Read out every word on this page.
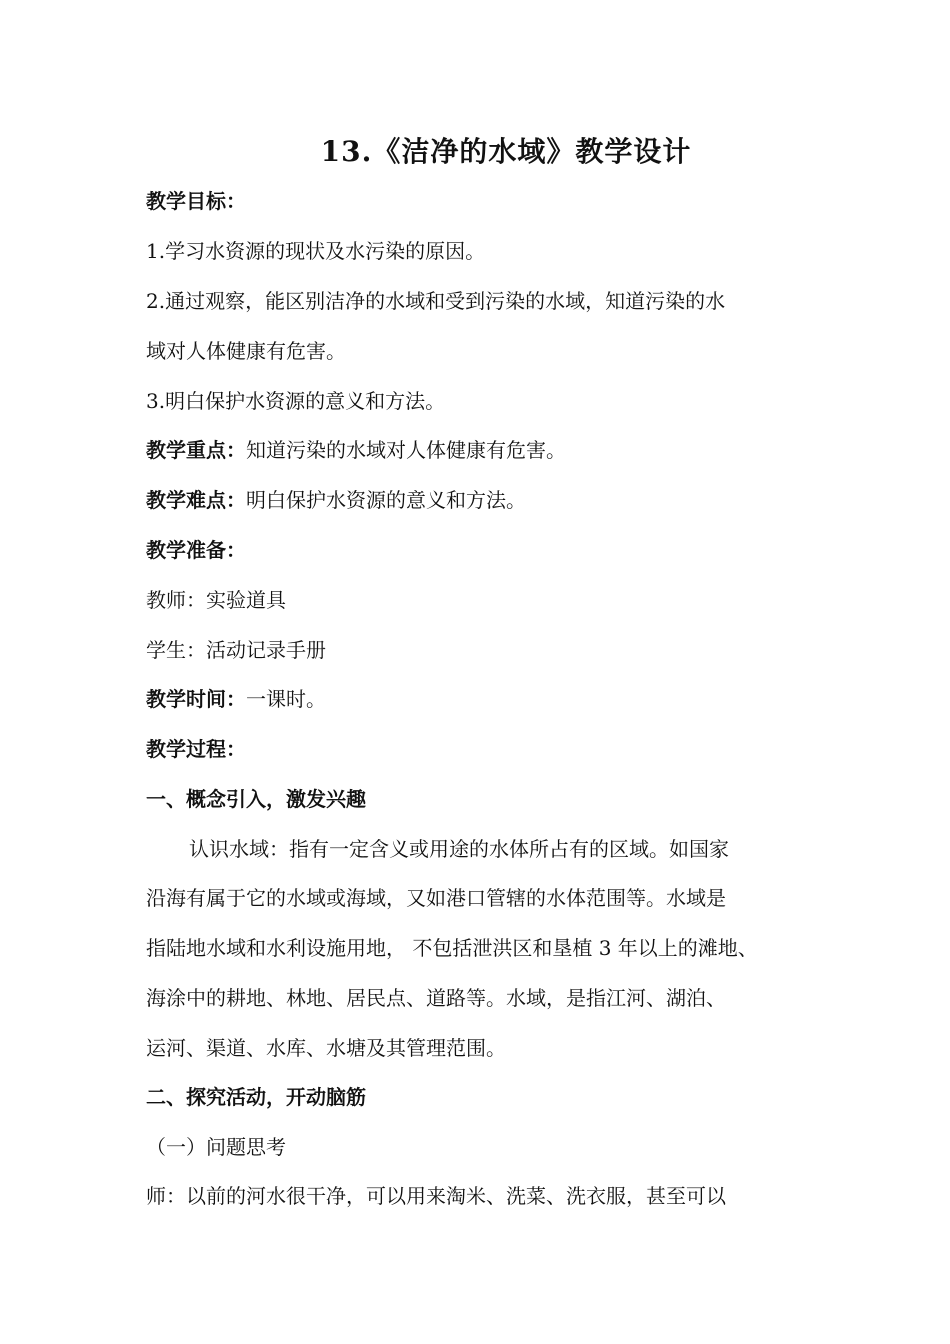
13.《洁净的水域》教学设计
教学目标：
1.学习水资源的现状及水污染的原因。
2.通过观察，能区别洁净的水域和受到污染的水域，知道污染的水
域对人体健康有危害。
3.明白保护水资源的意义和方法。
教学重点：知道污染的水域对人体健康有危害。
教学难点：明白保护水资源的意义和方法。
教学准备：
教师：实验道具
学生：活动记录手册
教学时间：一课时。
教学过程：
一、概念引入，激发兴趣
认识水域：指有一定含义或用途的水体所占有的区域。如国家
沿海有属于它的水域或海域，又如港口管辖的水体范围等。水域是
指陆地水域和水利设施用地， 不包括泄洪区和垦植 3 年以上的滩地、
海涂中的耕地、林地、居民点、道路等。水域，是指江河、湖泊、
运河、渠道、水库、水塘及其管理范围。
二、探究活动，开动脑筋
（一）问题思考
师：以前的河水很干净，可以用来淘米、洗菜、洗衣服，甚至可以
